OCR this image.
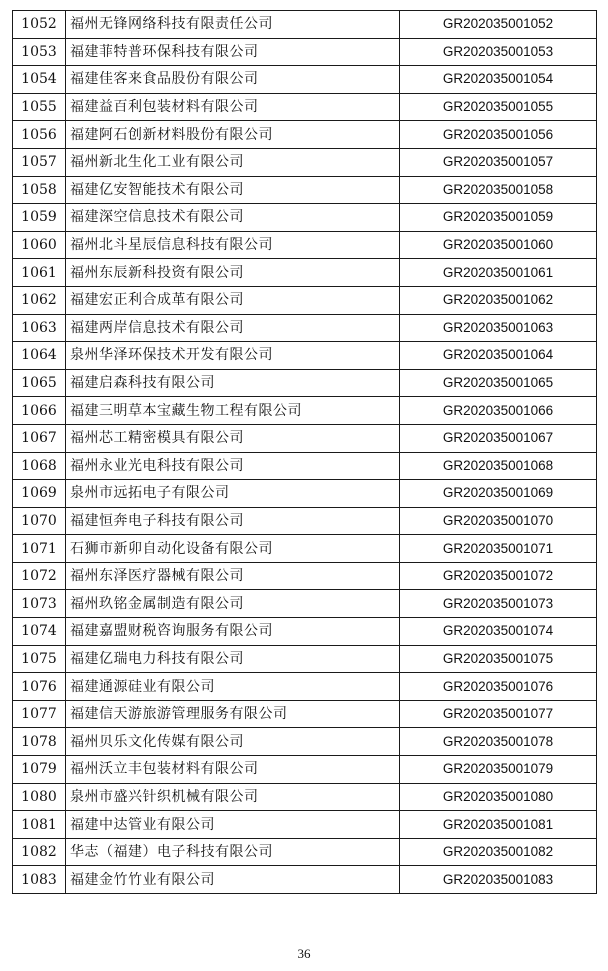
1052	福州无锋网络科技有限责任公司	GR202035001052
1053	福建菲特普环保科技有限公司	GR202035001053
1054	福建佳客来食品股份有限公司	GR202035001054
1055	福建益百利包装材料有限公司	GR202035001055
1056	福建阿石创新材料股份有限公司	GR202035001056
1057	福州新北生化工业有限公司	GR202035001057
1058	福建亿安智能技术有限公司	GR202035001058
1059	福建深空信息技术有限公司	GR202035001059
1060	福州北斗星辰信息科技有限公司	GR202035001060
1061	福州东辰新科投资有限公司	GR202035001061
1062	福建宏正利合成革有限公司	GR202035001062
1063	福建两岸信息技术有限公司	GR202035001063
1064	泉州华泽环保技术开发有限公司	GR202035001064
1065	福建启森科技有限公司	GR202035001065
1066	福建三明草本宝藏生物工程有限公司	GR202035001066
1067	福州芯工精密模具有限公司	GR202035001067
1068	福州永业光电科技有限公司	GR202035001068
1069	泉州市远拓电子有限公司	GR202035001069
1070	福建恒奔电子科技有限公司	GR202035001070
1071	石狮市新卯自动化设备有限公司	GR202035001071
1072	福州东泽医疗器械有限公司	GR202035001072
1073	福州玖铭金属制造有限公司	GR202035001073
1074	福建嘉盟财税咨询服务有限公司	GR202035001074
1075	福建亿瑞电力科技有限公司	GR202035001075
1076	福建通源硅业有限公司	GR202035001076
1077	福建信天游旅游管理服务有限公司	GR202035001077
1078	福州贝乐文化传媒有限公司	GR202035001078
1079	福州沃立丰包装材料有限公司	GR202035001079
1080	泉州市盛兴针织机械有限公司	GR202035001080
1081	福建中达管业有限公司	GR202035001081
1082	华志（福建）电子科技有限公司	GR202035001082
1083	福建金竹竹业有限公司	GR202035001083
36
